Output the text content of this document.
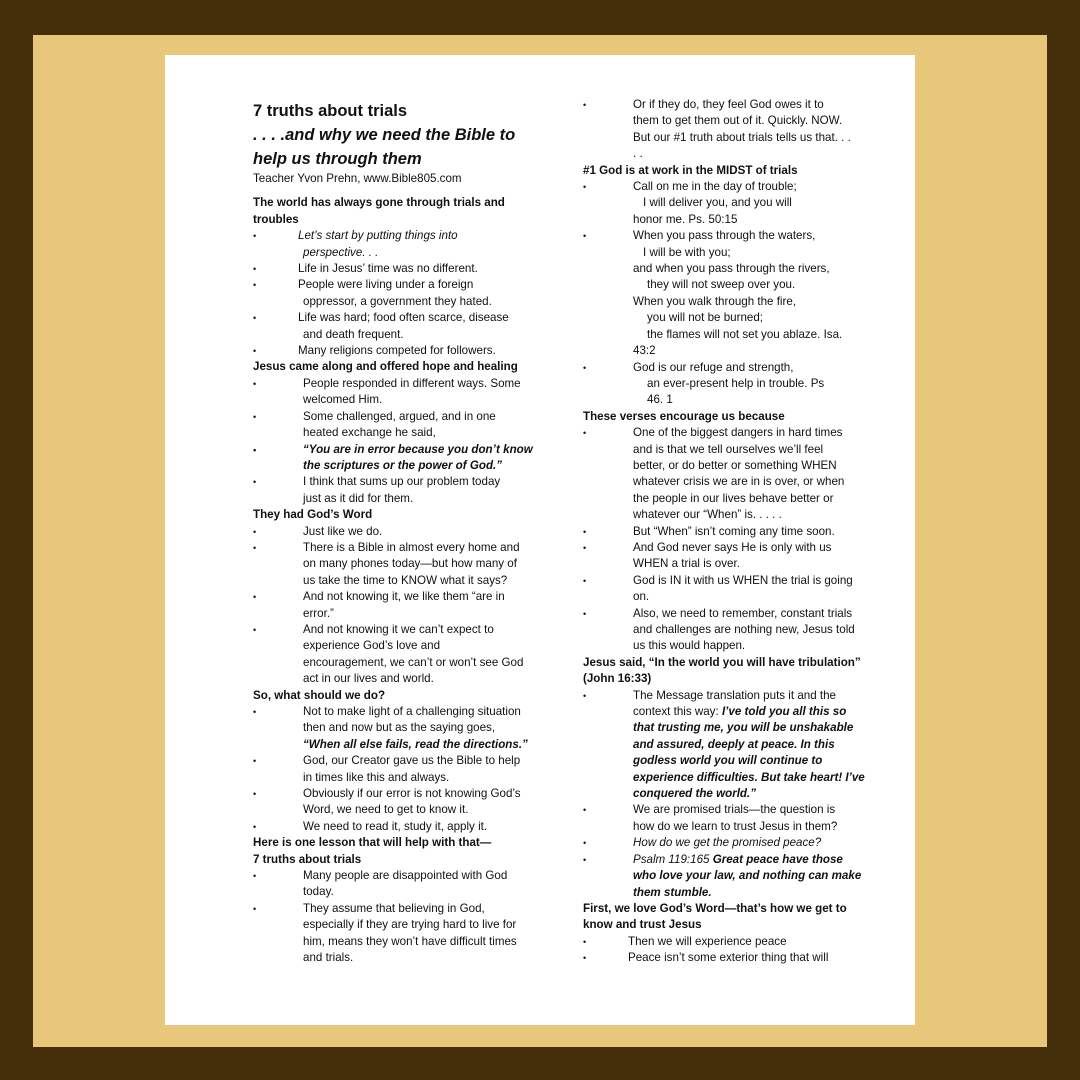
7 truths about trials

. . . .and why we need the Bible to

help us through them

Teacher Yvon Prehn, www.Bible805.com

The world has always gone through trials and
troubles

• Let’s start by putting things into
perspective. . .

• Life in Jesus’ time was no different.

• People were living under a foreign
oppressor, a government they hated.

• Life was hard; food often scarce, disease
and death frequent.

• Many religions competed for followers.

Jesus came along and offered hope and healing

• People responded in different ways. Some
welcomed Him.

• Some challenged, argued, and in one
heated exchange he said,

• “You are in error because you don’t know
the scriptures or the power of God.”

• I think that sums up our problem today
just as it did for them.

They had God’s Word

• Just like we do.

• There is a Bible in almost every home and
on many phones today—but how many of
us take the time to KNOW what it says?

• And not knowing it, we like them “are in
error.”

• And not knowing it we can’t expect to
experience God’s love and
encouragement, we can’t or won’t see God
act in our lives and world.

So, what should we do?

• Not to make light of a challenging situation
then and now but as the saying goes,
“When all else fails, read the directions.”

• God, our Creator gave us the Bible to help
in times like this and always.

• Obviously if our error is not knowing God’s
Word, we need to get to know it.

• We need to read it, study it, apply it.

Here is one lesson that will help with that—
7 truths about trials

• Many people are disappointed with God
today.

• They assume that believing in God,
especially if they are trying hard to live for
him, means they won’t have difficult times
and trials.

• Or if they do, they feel God owes it to
them to get them out of it. Quickly. NOW.
But our #1 truth about trials tells us that. . .
. .

#1 God is at work in the MIDST of trials

• Call on me in the day of trouble;
I will deliver you, and you will
honor me. Ps. 50:15

• When you pass through the waters,
I will be with you;
and when you pass through the rivers,
they will not sweep over you.
When you walk through the fire,
you will not be burned;
the flames will not set you ablaze. Isa.
43:2

• God is our refuge and strength,
an ever-present help in trouble. Ps
46. 1

These verses encourage us because

• One of the biggest dangers in hard times
and is that we tell ourselves we’ll feel
better, or do better or something WHEN
whatever crisis we are in is over, or when
the people in our lives behave better or
whatever our “When” is. . . . .

• But “When” isn’t coming any time soon.

• And God never says He is only with us
WHEN a trial is over.

• God is IN it with us WHEN the trial is going
on.

• Also, we need to remember, constant trials
and challenges are nothing new, Jesus told
us this would happen.

Jesus said, “In the world you will have tribulation”
(John 16:33)

• The Message translation puts it and the
context this way: I’ve told you all this so
that trusting me, you will be unshakable
and assured, deeply at peace. In this
godless world you will continue to
experience difficulties. But take heart! I’ve
conquered the world.”

• We are promised trials—the question is
how do we learn to trust Jesus in them?

• How do we get the promised peace?

• Psalm 119:165 Great peace have those
who love your law, and nothing can make
them stumble.

First, we love God’s Word—that’s how we get to
know and trust Jesus

• Then we will experience peace

• Peace isn’t some exterior thing that will
